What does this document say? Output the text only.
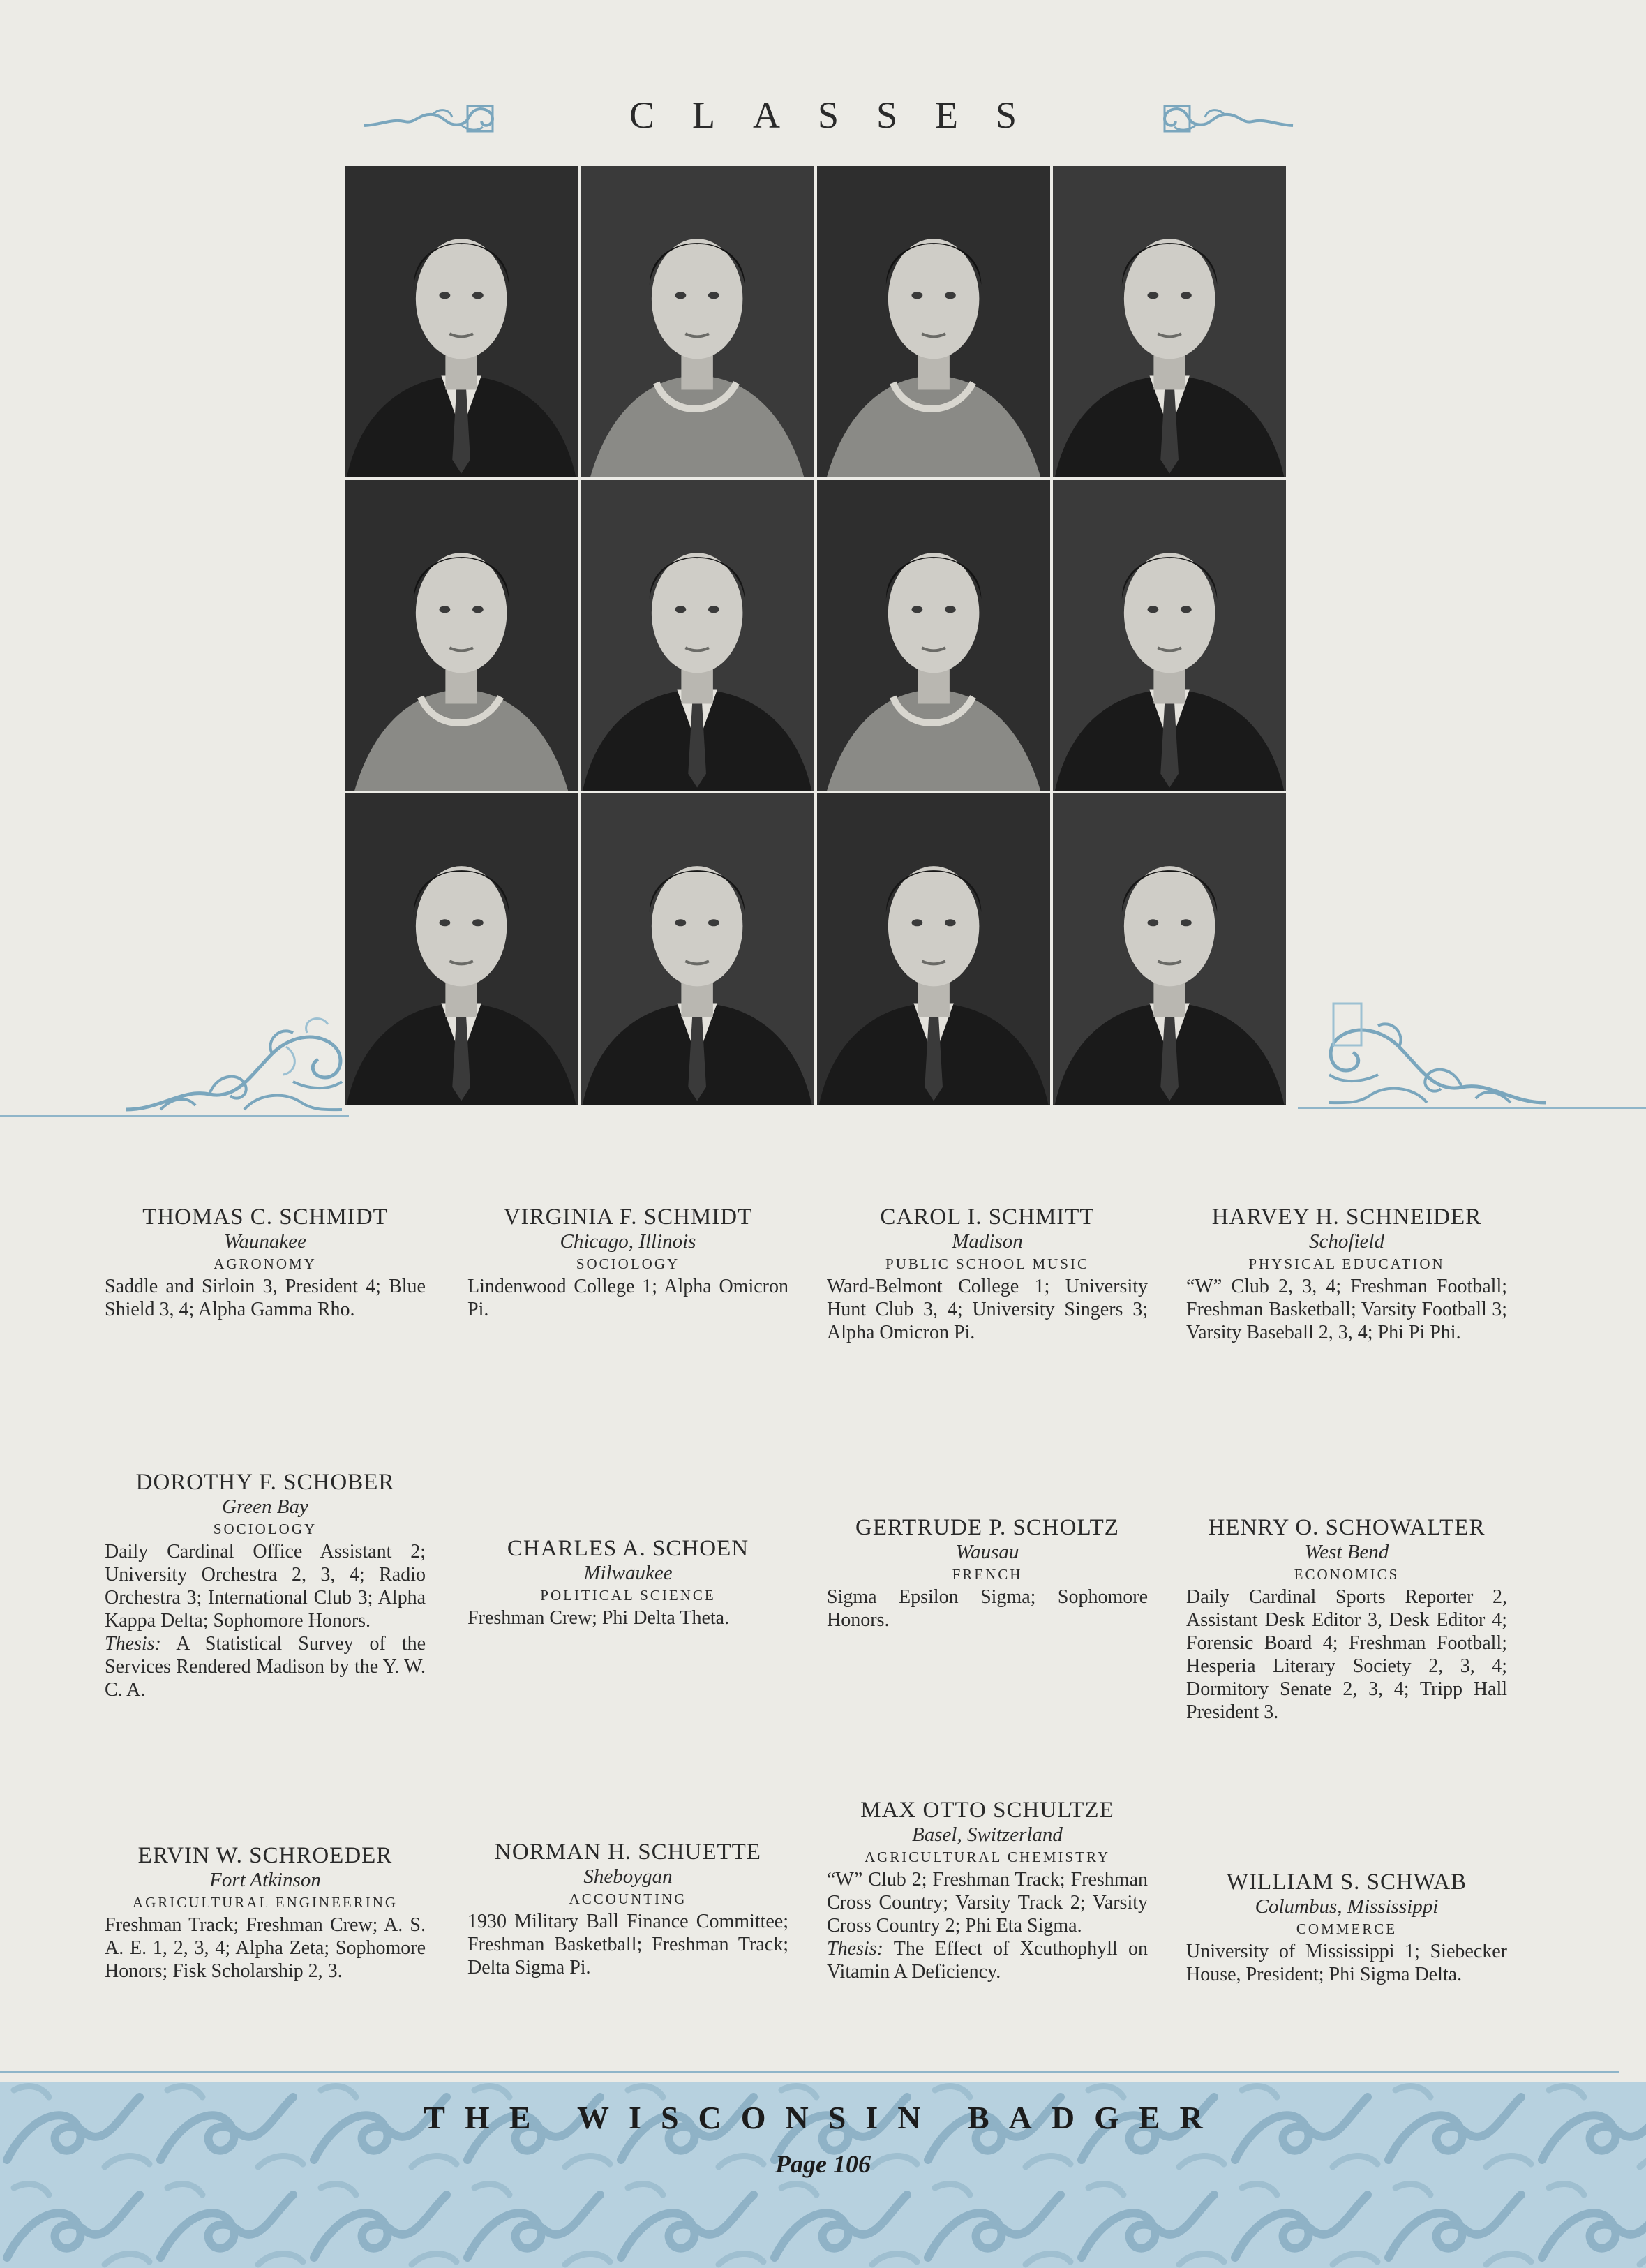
CLASSES
THOMAS C. SCHMIDT
Waunakee
AGRONOMY
Saddle and Sirloin 3, President 4; Blue Shield 3, 4; Alpha Gamma Rho.
VIRGINIA F. SCHMIDT
Chicago, Illinois
SOCIOLOGY
Lindenwood College 1; Alpha Omicron Pi.
CAROL I. SCHMITT
Madison
PUBLIC SCHOOL MUSIC
Ward-Belmont College 1; University Hunt Club 3, 4; University Singers 3; Alpha Omicron Pi.
HARVEY H. SCHNEIDER
Schofield
PHYSICAL EDUCATION
“W” Club 2, 3, 4; Freshman Football; Freshman Basketball; Varsity Football 3; Varsity Baseball 2, 3, 4; Phi Pi Phi.
DOROTHY F. SCHOBER
Green Bay
SOCIOLOGY
Daily Cardinal Office Assistant 2; University Orchestra 2, 3, 4; Radio Orchestra 3; International Club 3; Alpha Kappa Delta; Sophomore Honors.
Thesis: A Statistical Survey of the Services Rendered Madison by the Y. W. C. A.
CHARLES A. SCHOEN
Milwaukee
POLITICAL SCIENCE
Freshman Crew; Phi Delta Theta.
GERTRUDE P. SCHOLTZ
Wausau
FRENCH
Sigma Epsilon Sigma; Sophomore Honors.
HENRY O. SCHOWALTER
West Bend
ECONOMICS
Daily Cardinal Sports Reporter 2, Assistant Desk Editor 3, Desk Editor 4; Forensic Board 4; Freshman Football; Hesperia Literary Society 2, 3, 4; Dormitory Senate 2, 3, 4; Tripp Hall President 3.
ERVIN W. SCHROEDER
Fort Atkinson
AGRICULTURAL ENGINEERING
Freshman Track; Freshman Crew; A. S. A. E. 1, 2, 3, 4; Alpha Zeta; Sophomore Honors; Fisk Scholarship 2, 3.
NORMAN H. SCHUETTE
Sheboygan
ACCOUNTING
1930 Military Ball Finance Committee; Freshman Basketball; Freshman Track; Delta Sigma Pi.
MAX OTTO SCHULTZE
Basel, Switzerland
AGRICULTURAL CHEMISTRY
“W” Club 2; Freshman Track; Freshman Cross Country; Varsity Track 2; Varsity Cross Country 2; Phi Eta Sigma.
Thesis: The Effect of Xcuthophyll on Vitamin A Deficiency.
WILLIAM S. SCHWAB
Columbus, Mississippi
COMMERCE
University of Mississippi 1; Siebecker House, President; Phi Sigma Delta.
THE WISCONSIN BADGER
Page 106
